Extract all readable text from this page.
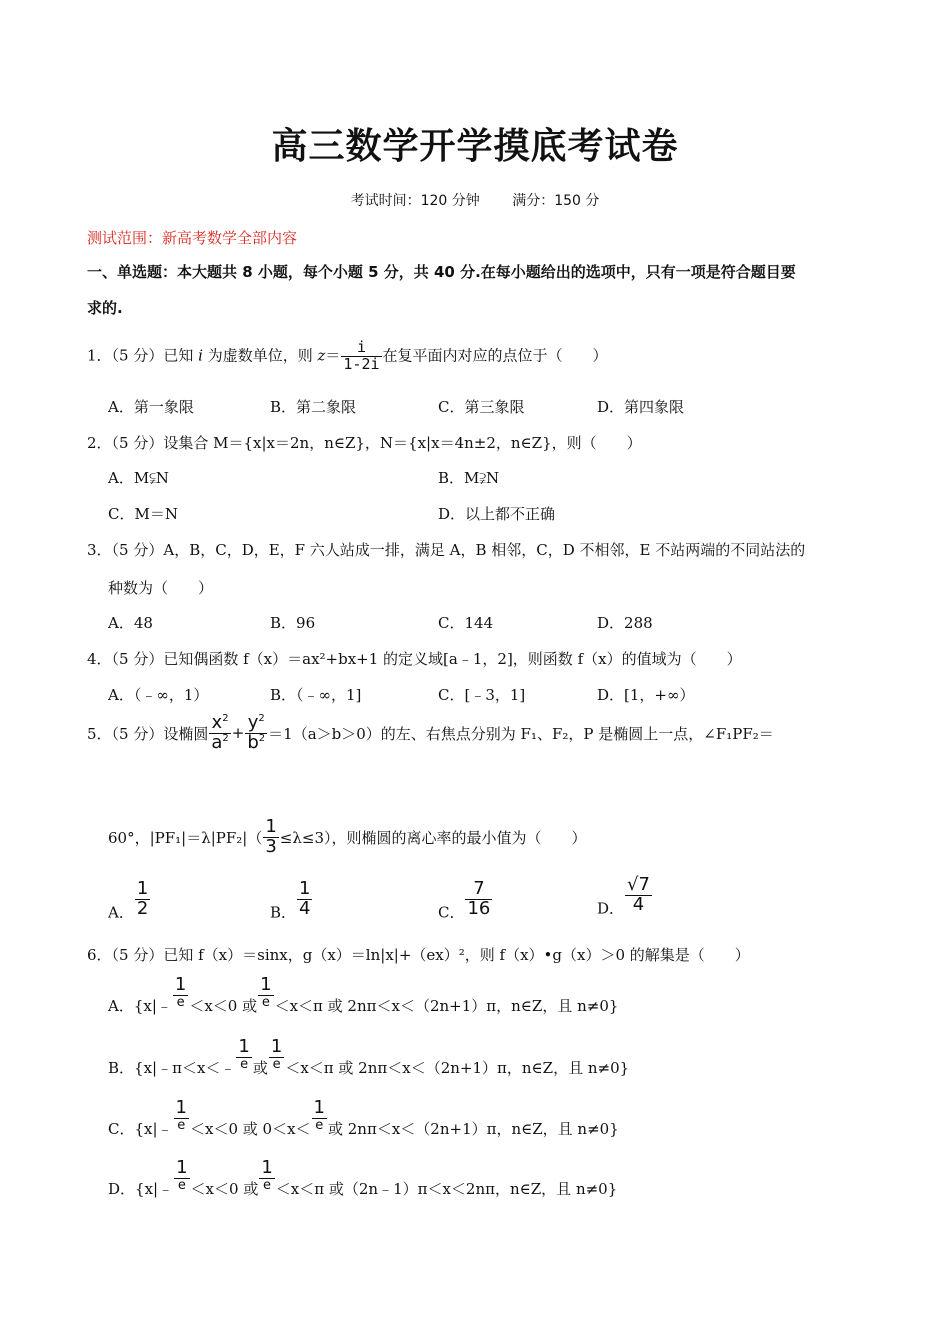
高三数学开学摸底考试卷
考试时间：120 分钟 满分：150 分
测试范围：新高考数学全部内容
一、单选题：本大题共 8 小题，每个小题 5 分，共 40 分.在每小题给出的选项中，只有一项是符合题目要
求的.
1．（5 分）已知 i 为虚数单位，则 $z= \frac{i}{1-2i}$ 在复平面内对应的点位于（　　）
A．第一象限	B．第二象限	C．第三象限	D．第四象限
2．（5 分）设集合 M＝{x|x＝2n，n∈Z}，N＝{x|x＝4n±2，n∈Z}，则（　　）
A．M⫋N	B．M⫌N
C．M＝N	D．以上都不正确
3．（5 分）A，B，C，D，E，F 六人站成一排，满足 A，B 相邻，C，D 不相邻，E 不站两端的不同站法的
种数为（　　）
A．48	B．96	C．144	D．288
4．（5 分）已知偶函数 f（x）＝ax²+bx+1 的定义域[a﹣1，2]，则函数 f（x）的值域为（　　）
A．（﹣∞，1）	B．（﹣∞，1]	C．[﹣3，1]	D．[1，+∞）
5．（5 分）设椭圆 $\frac{x^2}{a^2} + \frac{y^2}{b^2} =1(a>b>0)$的左、右焦点分别为 F₁、F₂，P 是椭圆上一点，∠F₁PF₂＝
60°，$|PF_1|=\lambda|PF_2|( \frac{1}{3} \le\lambda\le 3)$，则椭圆的离心率的最小值为（　　）
A． $\frac{1}{2}$	B． $\frac{1}{4}$	C． $\frac{7}{16}$	D． $\frac{√7}{4}$
6．（5 分）已知 f（x）＝sinx，g（x）＝ln|x|+（ex）²，则 f（x）•g（x）＞0 的解集是（　　）
A．{x|﹣ $\frac{1}{e} <x<0$ 或 $\frac{1}{e} <x<\pi$ 或 2nπ＜x＜（2n+1）π，n∈Z，且 n≠0}
B．{x|﹣π＜x＜﹣ $\frac{1}{e}$ 或 $\frac{1}{e} <x<\pi$ 或 2nπ＜x＜（2n+1）π，n∈Z，且 n≠0}
C．{x|﹣ $\frac{1}{e} <x<0$ 或 $0<x< \frac{1}{e}$ 或 2nπ＜x＜（2n+1）π，n∈Z，且 n≠0}
D．{x|﹣ $\frac{1}{e} <x<0$ 或 $\frac{1}{e} <x<\pi$ 或（2n﹣1）π＜x＜2nπ，n∈Z，且 n≠0}
